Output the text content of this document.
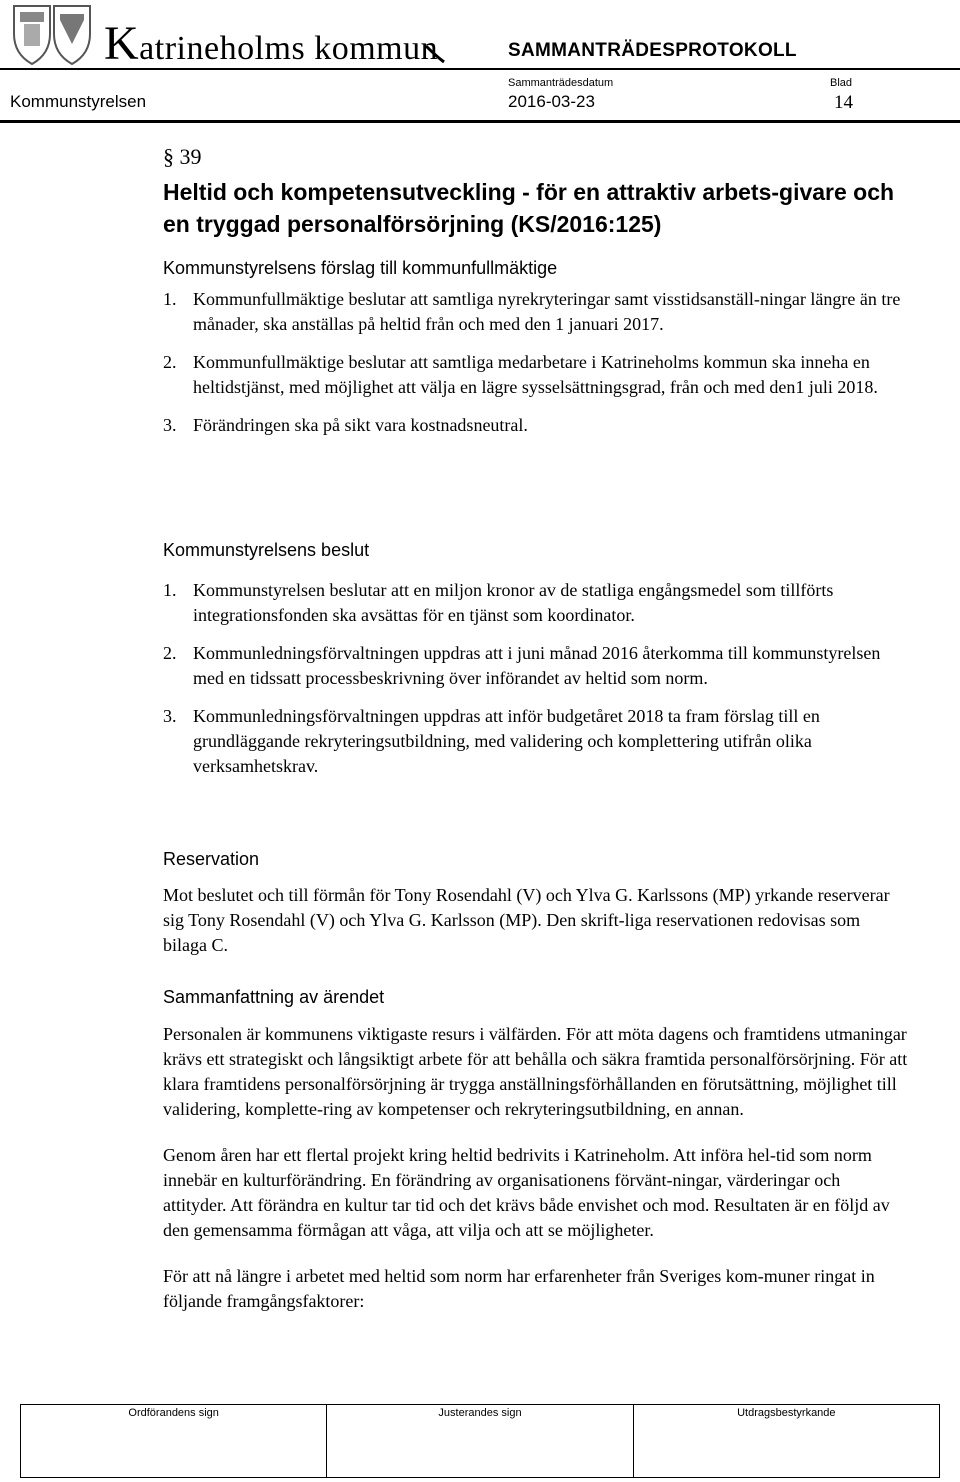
Katrineholms kommun	SAMMANTRÄDESPROTOKOLL
Sammanträdesdatum	Blad
Kommunstyrelsen	2016-03-23	14
§ 39
Heltid och kompetensutveckling - för en attraktiv arbets-givare och en tryggad personalförsörjning (KS/2016:125)
Kommunstyrelsens förslag till kommunfullmäktige
1. Kommunfullmäktige beslutar att samtliga nyrekryteringar samt visstidsanställ-ningar längre än tre månader, ska anställas på heltid från och med den 1 januari 2017.
2. Kommunfullmäktige beslutar att samtliga medarbetare i Katrineholms kommun ska inneha en heltidstjänst, med möjlighet att välja en lägre sysselsättningsgrad, från och med den1 juli 2018.
3. Förändringen ska på sikt vara kostnadsneutral.
Kommunstyrelsens beslut
1. Kommunstyrelsen beslutar att en miljon kronor av de statliga engångsmedel som tillförts integrationsfonden ska avsättas för en tjänst som koordinator.
2. Kommunledningsförvaltningen uppdras att i juni månad 2016 återkomma till kommunstyrelsen med en tidssatt processbeskrivning över införandet av heltid som norm.
3. Kommunledningsförvaltningen uppdras att inför budgetåret 2018 ta fram förslag till en grundläggande rekryteringsutbildning, med validering och komplettering utifrån olika verksamhetskrav.
Reservation
Mot beslutet och till förmån för Tony Rosendahl (V) och Ylva G. Karlssons (MP) yrkande reserverar sig Tony Rosendahl (V) och Ylva G. Karlsson (MP). Den skrift-liga reservationen redovisas som bilaga C.
Sammanfattning av ärendet

Personalen är kommunens viktigaste resurs i välfärden. För att möta dagens och framtidens utmaningar krävs ett strategiskt och långsiktigt arbete för att behålla och säkra framtida personalförsörjning. För att klara framtidens personalförsörjning är trygga anställningsförhållanden en förutsättning, möjlighet till validering, komplette-ring av kompetenser och rekryteringsutbildning, en annan.

Genom åren har ett flertal projekt kring heltid bedrivits i Katrineholm. Att införa hel-tid som norm innebär en kulturförändring. En förändring av organisationens förvänt-ningar, värderingar och attityder. Att förändra en kultur tar tid och det krävs både envishet och mod. Resultaten är en följd av den gemensamma förmågan att våga, att vilja och att se möjligheter.

För att nå längre i arbetet med heltid som norm har erfarenheter från Sveriges kom-muner ringat in följande framgångsfaktorer:

Ordförandens sign	Justerandes sign	Utdragsbestyrkande
